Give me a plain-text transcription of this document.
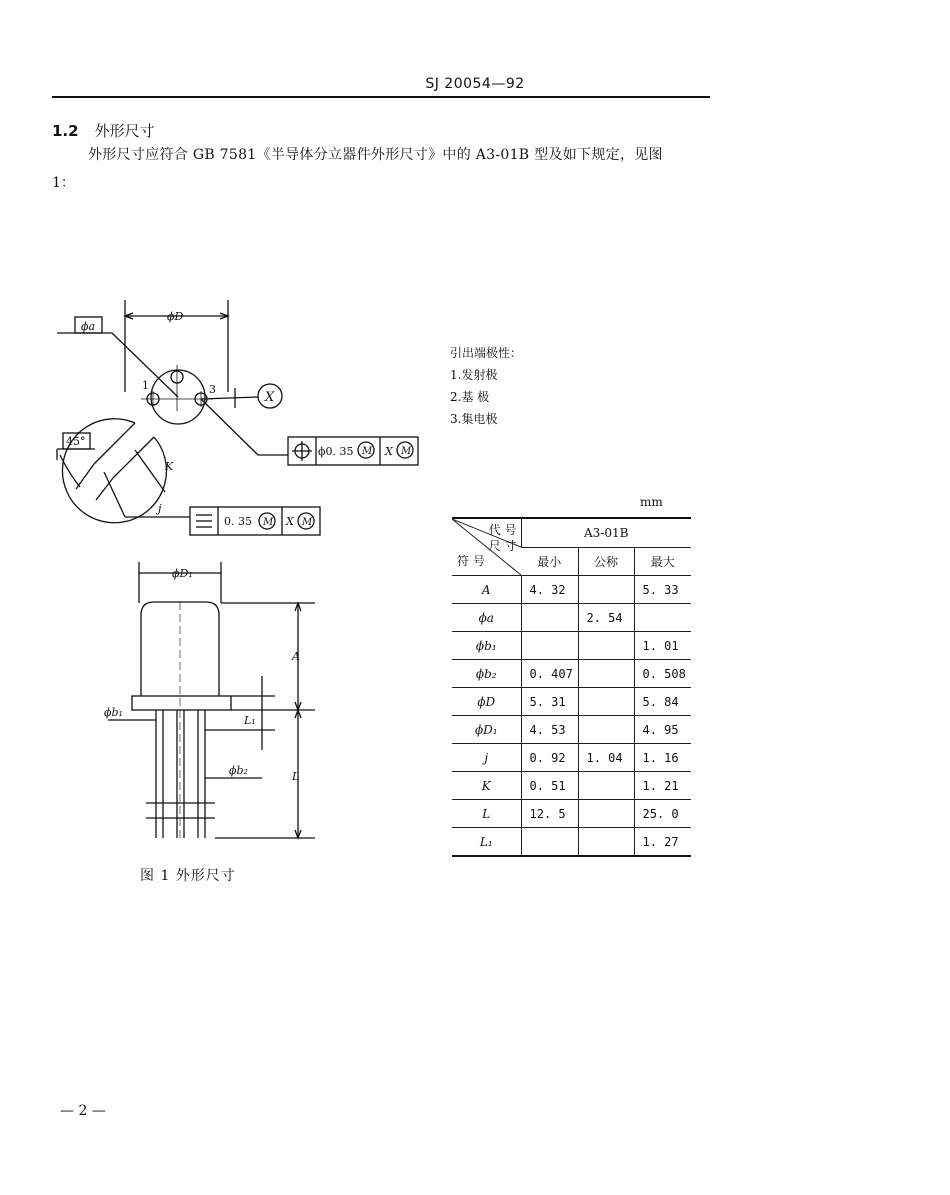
SJ 20054—92
1.2 外形尺寸
外形尺寸应符合 GB 7581《半导体分立器件外形尺寸》中的 A3-01B 型及如下规定，见图
1：
ϕD
ϕa
X
1	3
45°
j
K
ϕ0. 35 M X M
0. 35 M X M
ϕD₁
A
L
L₁
ϕb₁
ϕb₂
引出端极性：
1.发射极
2.基 极
3.集电极
mm
代 号
尺 寸
符 号	A3-01B		
	最小	公称	最大
A	4. 32		5. 33
ϕa		2. 54	
ϕb₁			1. 01
ϕb₂	0. 407		0. 508
ϕD	5. 31		5. 84
ϕD₁	4. 53		4. 95
j	0. 92	1. 04	1. 16
K	0. 51		1. 21
L	12. 5		25. 0
L₁			1. 27
图 1 外形尺寸
— 2 —
